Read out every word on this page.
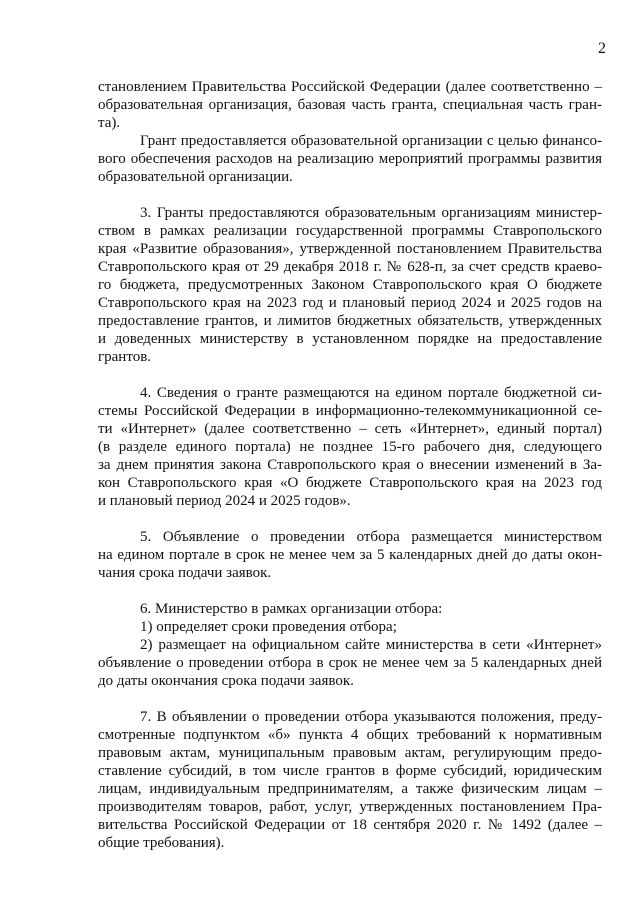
2
становлением Правительства Российской Федерации (далее соответственно –
образовательная организация, базовая часть гранта, специальная часть гран-
та).
Грант предоставляется образовательной организации с целью финансо-
вого обеспечения расходов на реализацию мероприятий программы развития
образовательной организации.
3. Гранты предоставляются образовательным организациям министер-
ством в рамках реализации государственной программы Ставропольского
края «Развитие образования», утвержденной постановлением Правительства
Ставропольского края от 29 декабря 2018 г. № 628-п, за счет средств краево-
го бюджета, предусмотренных Законом Ставропольского края О бюджете
Ставропольского края на 2023 год и плановый период 2024 и 2025 годов на
предоставление грантов, и лимитов бюджетных обязательств, утвержденных
и доведенных министерству в установленном порядке на предоставление
грантов.
4. Сведения о гранте размещаются на едином портале бюджетной си-
стемы Российской Федерации в информационно-телекоммуникационной се-
ти «Интернет» (далее соответственно – сеть «Интернет», единый портал)
(в разделе единого портала) не позднее 15-го рабочего дня, следующего
за днем принятия закона Ставропольского края о внесении изменений в За-
кон Ставропольского края «О бюджете Ставропольского края на 2023 год
и плановый период 2024 и 2025 годов».
5. Объявление о проведении отбора размещается министерством
на едином портале в срок не менее чем за 5 календарных дней до даты окон-
чания срока подачи заявок.
6. Министерство в рамках организации отбора:
1) определяет сроки проведения отбора;
2) размещает на официальном сайте министерства в сети «Интернет»
объявление о проведении отбора в срок не менее чем за 5 календарных дней
до даты окончания срока подачи заявок.
7. В объявлении о проведении отбора указываются положения, преду-
смотренные подпунктом «б» пункта 4 общих требований к нормативным
правовым актам, муниципальным правовым актам, регулирующим предо-
ставление субсидий, в том числе грантов в форме субсидий, юридическим
лицам, индивидуальным предпринимателям, а также физическим лицам –
производителям товаров, работ, услуг, утвержденных постановлением Пра-
вительства Российской Федерации от 18 сентября 2020 г. № 1492 (далее –
общие требования).
